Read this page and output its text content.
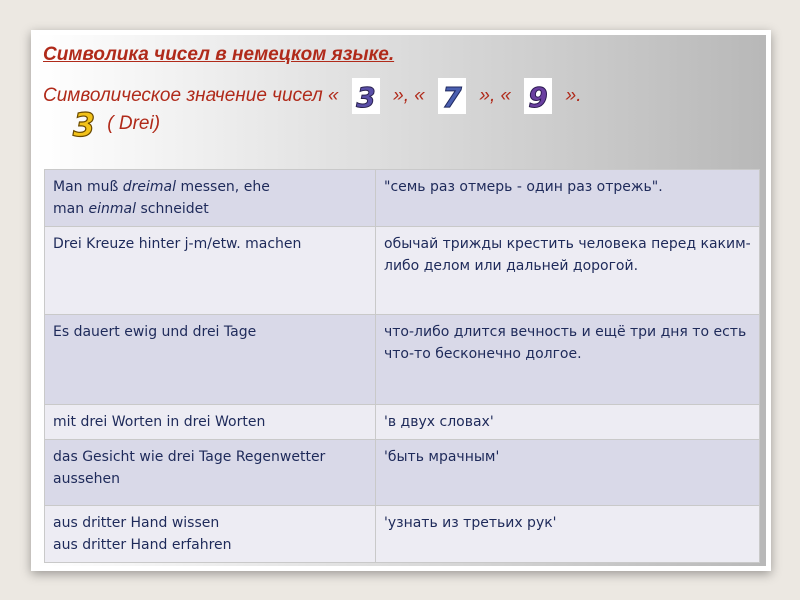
Символика чисел в немецком языке.
Символическое значение чисел « 3 », « 7 », « 9 ».
3 ( Drei)
Man muß dreimal messen, ehe
man einmal schneidet	"семь раз отмерь - один раз отрежь".
Drei Kreuze hinter j-m/etw. machen	обычай трижды крестить человека перед каким-либо делом или дальней дорогой.
Es dauert ewig und drei Tage	что-либо длится вечность и ещё три дня то есть что-то бесконечно долгое.
mit drei Worten in drei Worten	'в двух словах'
das Gesicht wie drei Tage Regenwetter aussehen	'быть мрачным'

aus dritter Hand wissen
aus dritter Hand erfahren	'узнать из третьих рук'
